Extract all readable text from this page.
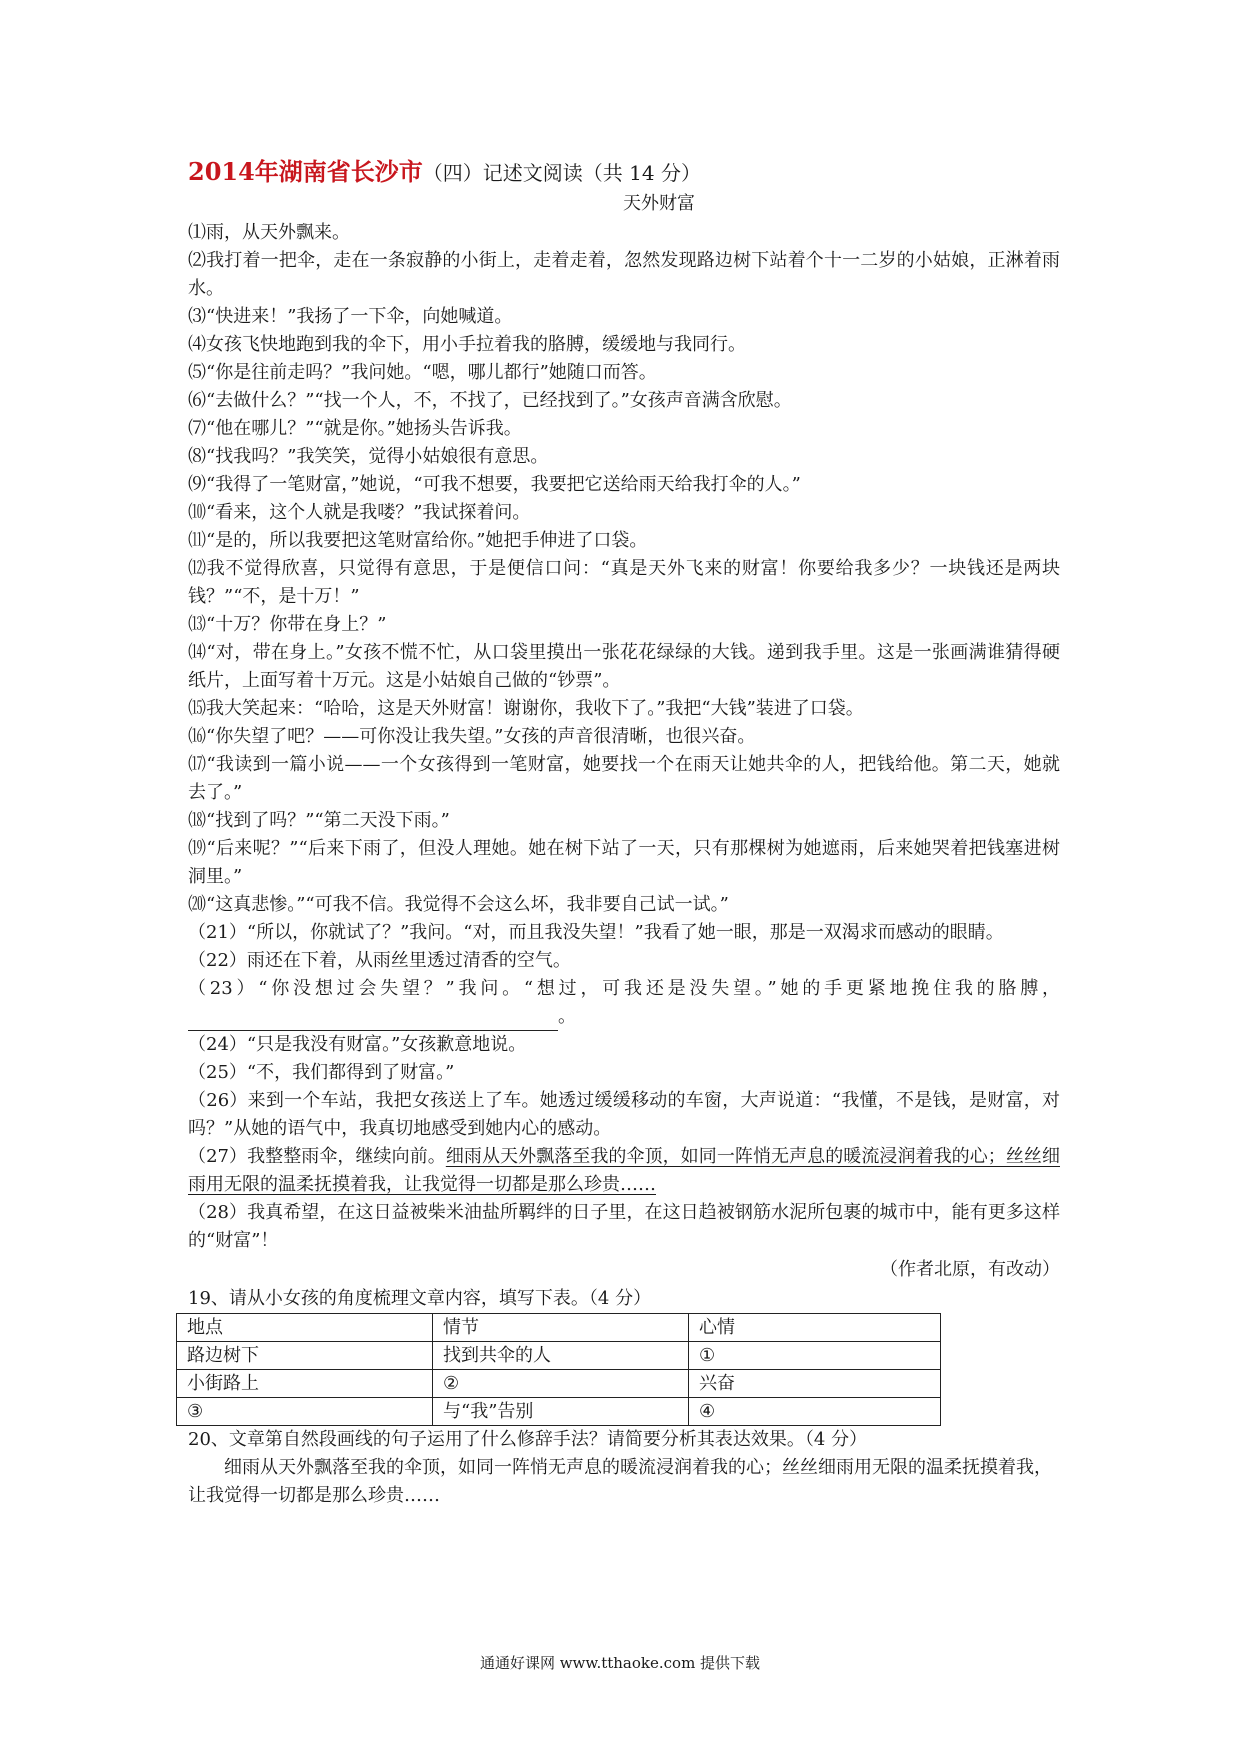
2014年湖南省长沙市（四）记述文阅读（共 14 分）
天外财富
⑴雨，从天外飘来。
⑵我打着一把伞，走在一条寂静的小街上，走着走着，忽然发现路边树下站着个十一二岁的小姑娘，正淋着雨水。
⑶“快进来！”我扬了一下伞，向她喊道。
⑷女孩飞快地跑到我的伞下，用小手拉着我的胳膊，缓缓地与我同行。
⑸“你是往前走吗？”我问她。“嗯，哪儿都行”她随口而答。
⑹“去做什么？”“找一个人，不，不找了，已经找到了。”女孩声音满含欣慰。
⑺“他在哪儿？”“就是你。”她扬头告诉我。
⑻“找我吗？”我笑笑，觉得小姑娘很有意思。
⑼“我得了一笔财富，”她说，“可我不想要，我要把它送给雨天给我打伞的人。”
⑽“看来，这个人就是我喽？”我试探着问。
⑾“是的，所以我要把这笔财富给你。”她把手伸进了口袋。
⑿我不觉得欣喜，只觉得有意思，于是便信口问：“真是天外飞来的财富！你要给我多少？一块钱还是两块钱？”“不，是十万！”
⒀“十万？你带在身上？”
⒁“对，带在身上。”女孩不慌不忙，从口袋里摸出一张花花绿绿的大钱。递到我手里。这是一张画满谁猜得硬纸片，上面写着十万元。这是小姑娘自己做的“钞票”。
⒂我大笑起来：“哈哈，这是天外财富！谢谢你，我收下了。”我把“大钱”装进了口袋。
⒃“你失望了吧？——可你没让我失望。”女孩的声音很清晰，也很兴奋。
⒄“我读到一篇小说——一个女孩得到一笔财富，她要找一个在雨天让她共伞的人，把钱给他。第二天，她就去了。”
⒅“找到了吗？”“第二天没下雨。”
⒆“后来呢？”“后来下雨了，但没人理她。她在树下站了一天，只有那棵树为她遮雨，后来她哭着把钱塞进树洞里。”
⒇“这真悲惨。”“可我不信。我觉得不会这么坏，我非要自己试一试。”
（21）“所以，你就试了？”我问。“对，而且我没失望！”我看了她一眼，那是一双渴求而感动的眼睛。
（22）雨还在下着，从雨丝里透过清香的空气。
（23）“你没想过会失望？”我问。“想过，可我还是没失望。”她的手更紧地挽住我的胳膊，。
（24）“只是我没有财富。”女孩歉意地说。
（25）“不，我们都得到了财富。”
（26）来到一个车站，我把女孩送上了车。她透过缓缓移动的车窗，大声说道：“我懂，不是钱，是财富，对吗？”从她的语气中，我真切地感受到她内心的感动。
（27）我整整雨伞，继续向前。细雨从天外飘落至我的伞顶，如同一阵悄无声息的暖流浸润着我的心；丝丝细雨用无限的温柔抚摸着我，让我觉得一切都是那么珍贵……
（28）我真希望，在这日益被柴米油盐所羁绊的日子里，在这日趋被钢筋水泥所包裹的城市中，能有更多这样的“财富”！
（作者北原，有改动）
19、请从小女孩的角度梳理文章内容，填写下表。（4 分）
地点	情节	心情
路边树下	找到共伞的人	①
小街路上	②	兴奋
③	与“我”告别	④
20、文章第自然段画线的句子运用了什么修辞手法？请简要分析其表达效果。（4 分）
细雨从天外飘落至我的伞顶，如同一阵悄无声息的暖流浸润着我的心；丝丝细雨用无限的温柔抚摸着我，让我觉得一切都是那么珍贵……
通通好课网 www.tthaoke.com 提供下载
